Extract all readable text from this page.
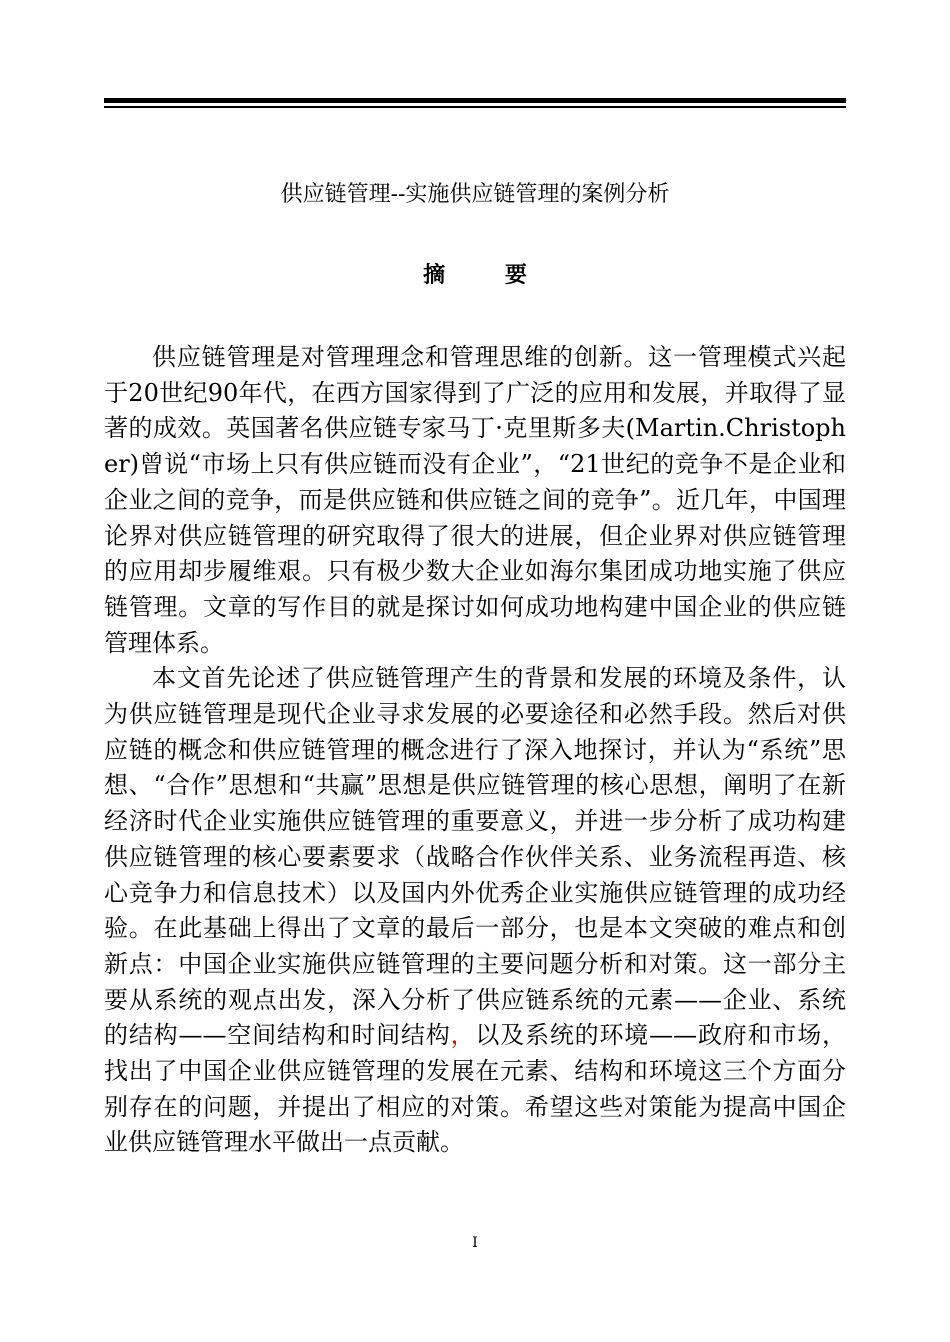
供应链管理--实施供应链管理的案例分析
摘 要

供应链管理是对管理理念和管理思维的创新。这一管理模式兴起于20世纪90年代，在西方国家得到了广泛的应用和发展，并取得了显著的成效。英国著名供应链专家马丁·克里斯多夫(Martin.Christopher)曾说“市场上只有供应链而没有企业”，“21世纪的竞争不是企业和企业之间的竞争，而是供应链和供应链之间的竞争”。近几年，中国理论界对供应链管理的研究取得了很大的进展，但企业界对供应链管理的应用却步履维艰。只有极少数大企业如海尔集团成功地实施了供应链管理。文章的写作目的就是探讨如何成功地构建中国企业的供应链管理体系。

本文首先论述了供应链管理产生的背景和发展的环境及条件，认为供应链管理是现代企业寻求发展的必要途径和必然手段。然后对供应链的概念和供应链管理的概念进行了深入地探讨，并认为“系统”思想、“合作”思想和“共赢”思想是供应链管理的核心思想，阐明了在新经济时代企业实施供应链管理的重要意义，并进一步分析了成功构建供应链管理的核心要素要求（战略合作伙伴关系、业务流程再造、核心竞争力和信息技术）以及国内外优秀企业实施供应链管理的成功经验。在此基础上得出了文章的最后一部分，也是本文突破的难点和创新点：中国企业实施供应链管理的主要问题分析和对策。这一部分主要从系统的观点出发，深入分析了供应链系统的元素——企业、系统的结构——空间结构和时间结构，以及系统的环境——政府和市场，找出了中国企业供应链管理的发展在元素、结构和环境这三个方面分别存在的问题，并提出了相应的对策。希望这些对策能为提高中国企业供应链管理水平做出一点贡献。

I
